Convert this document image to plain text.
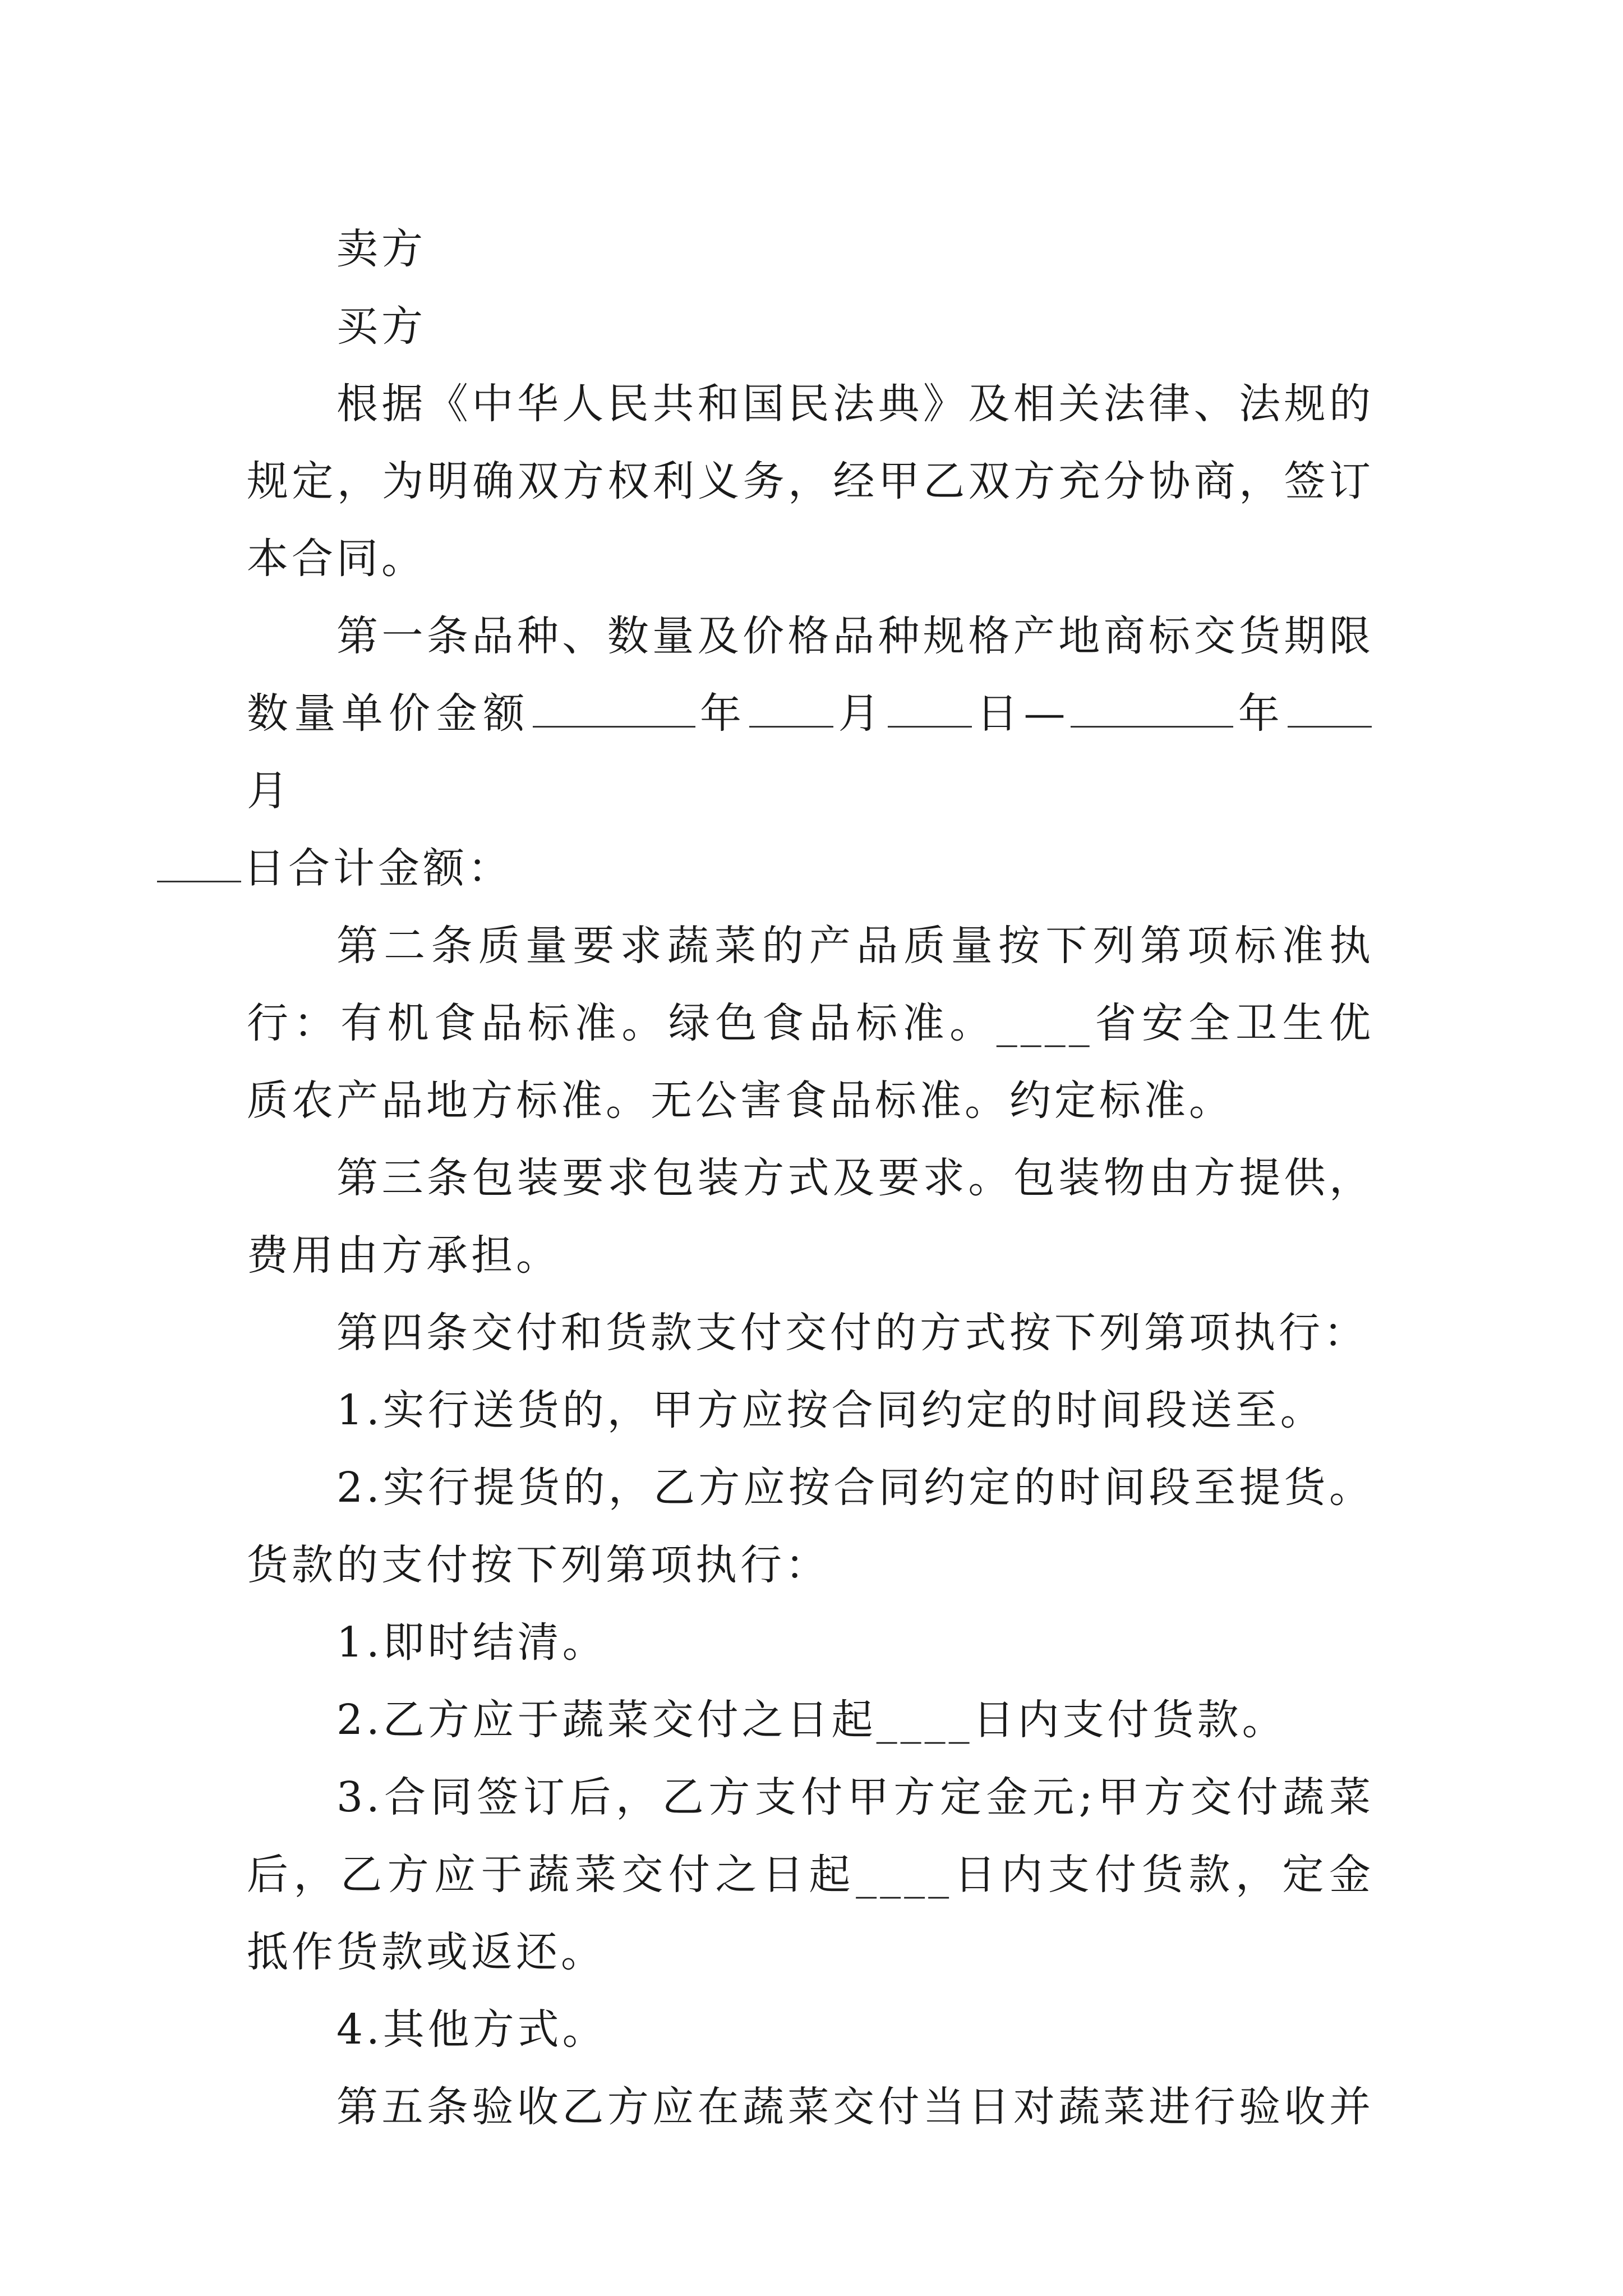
卖方

买方

根据《中华人民共和国民法典》及相关法律、法规的规定，为明确双方权利义务，经甲乙双方充分协商，签订本合同。

第一条品种、数量及价格品种规格产地商标交货期限数量单价金额	年 月 日—	年月
日合计金额：

第二条质量要求蔬菜的产品质量按下列第项标准执行：有机食品标准。绿色食品标准。____省安全卫生优质农产品地方标准。无公害食品标准。约定标准。

第三条包装要求包装方式及要求。包装物由方提供，费用由方承担。

第四条交付和货款支付交付的方式按下列第项执行：

1.实行送货的，甲方应按合同约定的时间段送至。

2.实行提货的，乙方应按合同约定的时间段至提货。货款的支付按下列第项执行：

1.即时结清。

2.乙方应于蔬菜交付之日起____日内支付货款。

3.合同签订后，乙方支付甲方定金元;甲方交付蔬菜后，乙方应于蔬菜交付之日起____日内支付货款，定金抵作货款或返还。

4.其他方式。

第五条验收乙方应在蔬菜交付当日对蔬菜进行验收并
